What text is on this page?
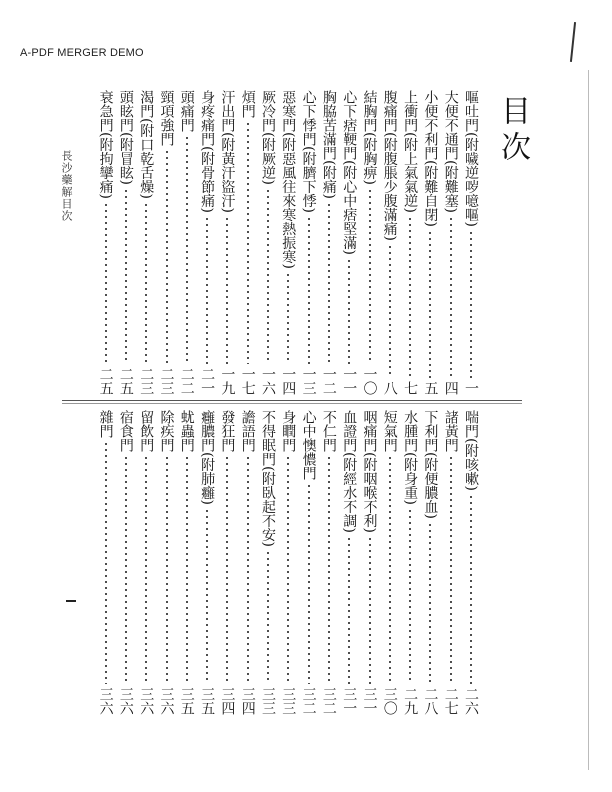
A-PDF MERGER DEMO
目次
長沙藥解目次	嘔吐門(附噦逆哕噫嘔)
一
大便不通門(附難塞)
四
小便不利門(附難自閉)
五
上衝門(附上氣氣逆)
七
腹痛門(附腹脹少腹滿痛)
八
結胸門(附胸痹)
一〇
心下痞鞕門(附心中痞堅滿)
一一
胸脇苦滿門(附痛)
一二
心下悸門(附臍下悸)
一三
惡寒門(附惡風往來寒熱振寒)
一四
厥冷門(附厥逆)
一六
煩門
一七
汗出門(附黃汗盜汗)
一九
身疼痛門(附骨節痛)
二一
頭痛門
二二
頸項強門
二三
渴門(附口乾舌燥)
二三
頭眩門(附冒眩)
二五
衰急門(附拘攣痛)
二五
喘門(附咳嗽)
二六
諸黃門
二七
下利門(附便膿血)
二八
水腫門(附身重)
二九
短氣門
三〇
咽痛門(附咽喉不利)
三一
血證門(附經水不調)
三一
不仁門
三二
心中懊憹門
三二
身瞤門
三三
不得眠門(附臥起不安)
三三
譫語門
三四
發狂門
三四
癰膿門(附肺癰)
三五
蚘蟲門
三五
除疾門
三六
留飲門
三六
宿食門
三六
雜門
三六
